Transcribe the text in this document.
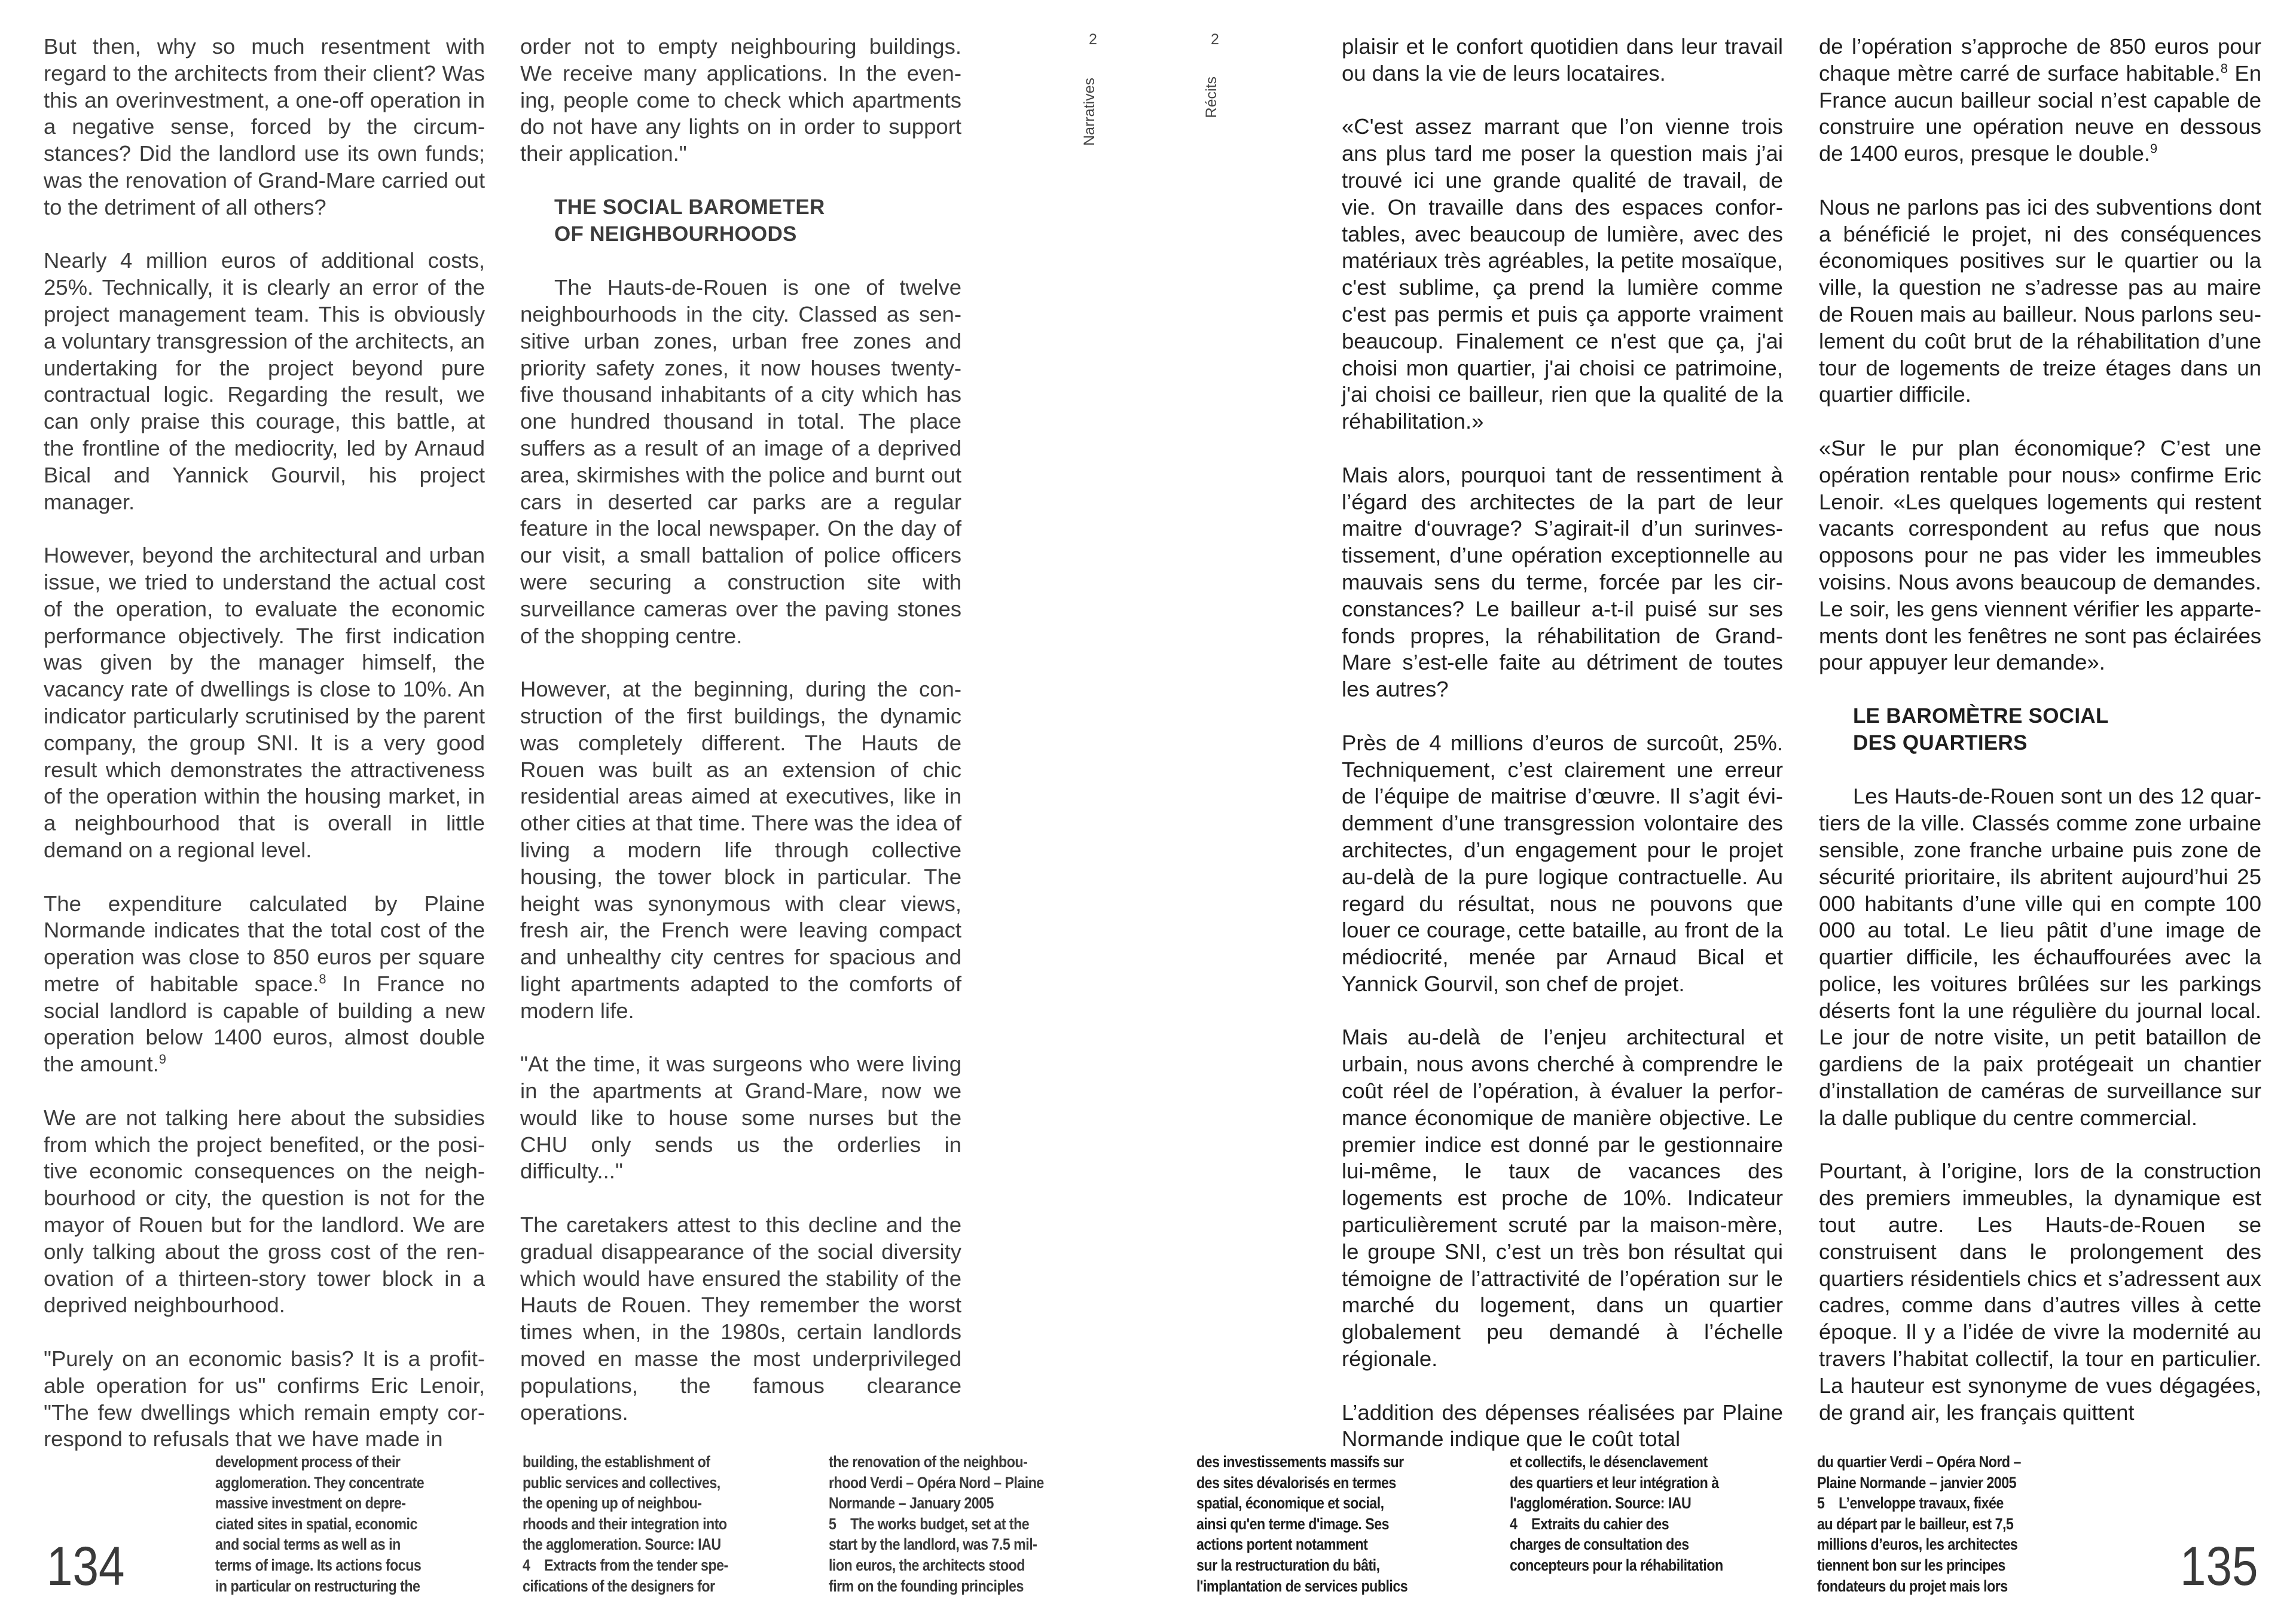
But then, why so much resentment with regard to the architects from their client? Was this an overinvestment, a one-off operation in a negative sense, forced by the circumstances? Did the landlord use its own funds; was the renovation of Grand-Mare carried out to the detriment of all others?

Nearly 4 million euros of additional costs, 25%. Technically, it is clearly an error of the project management team. This is obviously a voluntary transgression of the architects, an undertaking for the project beyond pure contractual logic. Regarding the result, we can only praise this courage, this battle, at the frontline of the mediocrity, led by Arnaud Bical and Yannick Gourvil, his project manager.

However, beyond the architectural and urban issue, we tried to understand the actual cost of the operation, to evaluate the economic performance objectively. The first indication was given by the manager himself, the vacancy rate of dwellings is close to 10%. An indicator particularly scrutinised by the parent company, the group SNI. It is a very good result which demonstrates the attractiveness of the operation within the housing market, in a neighbourhood that is overall in little demand on a regional level.

The expenditure calculated by Plaine Normande indicates that the total cost of the operation was close to 850 euros per square metre of habitable space.$^8$ In France no social landlord is capable of building a new operation below 1400 euros, almost double the amount.$^9$

We are not talking here about the subsidies from which the project benefited, or the positive economic consequences on the neighbourhood or city, the question is not for the mayor of Rouen but for the landlord. We are only talking about the gross cost of the renovation of a thirteen-story tower block in a deprived neighbourhood.

"Purely on an economic basis? It is a profitable operation for us" confirms Eric Lenoir, "The few dwellings which remain empty correspond to refusals that we have made in

order not to empty neighbouring buildings. We receive many applications. In the evening, people come to check which apartments do not have any lights on in order to support their application."

THE SOCIAL BAROMETER
OF NEIGHBOURHOODS

The Hauts-de-Rouen is one of twelve neighbourhoods in the city. Classed as sensitive urban zones, urban free zones and priority safety zones, it now houses twenty-five thousand inhabitants of a city which has one hundred thousand in total. The place suffers as a result of an image of a deprived area, skirmishes with the police and burnt out cars in deserted car parks are a regular feature in the local newspaper. On the day of our visit, a small battalion of police officers were securing a construction site with surveillance cameras over the paving stones of the shopping centre.

However, at the beginning, during the construction of the first buildings, the dynamic was completely different. The Hauts de Rouen was built as an extension of chic residential areas aimed at executives, like in other cities at that time. There was the idea of living a modern life through collective housing, the tower block in particular. The height was synonymous with clear views, fresh air, the French were leaving compact and unhealthy city centres for spacious and light apartments adapted to the comforts of modern life.

"At the time, it was surgeons who were living in the apartments at Grand-Mare, now we would like to house some nurses but the CHU only sends us the orderlies in difficulty..."

The caretakers attest to this decline and the gradual disappearance of the social diversity which would have ensured the stability of the Hauts de Rouen. They remember the worst times when, in the 1980s, certain landlords moved en masse the most underprivileged populations, the famous clearance operations.

2
Narratives
development process of their
agglomeration. They concentrate
massive investment on depre-
ciated sites in spatial, economic
and social terms as well as in
terms of image. Its actions focus
in particular on restructuring the
building, the establishment of
public services and collectives,
the opening up of neighbou-
rhoods and their integration into
the agglomeration. Source: IAU
4 Extracts from the tender spe-
cifications of the designers for
the renovation of the neighbou-
rhood Verdi – Opéra Nord – Plaine
Normande – January 2005
5 The works budget, set at the
start by the landlord, was 7.5 mil-
lion euros, the architects stood
firm on the founding principles
134
2
Récits

plaisir et le confort quotidien dans leur travail ou dans la vie de leurs locataires.

«C'est assez marrant que l’on vienne trois ans plus tard me poser la question mais j’ai trouvé ici une grande qualité de travail, de vie. On travaille dans des espaces confortables, avec beaucoup de lumière, avec des matériaux très agréables, la petite mosaïque, c'est sublime, ça prend la lumière comme c'est pas permis et puis ça apporte vraiment beaucoup. Finalement ce n'est que ça, j'ai choisi mon quartier, j'ai choisi ce patrimoine, j'ai choisi ce bailleur, rien que la qualité de la réhabilitation.»

Mais alors, pourquoi tant de ressentiment à l’égard des architectes de la part de leur maitre d‘ouvrage? S’agirait-il d’un surinvestissement, d’une opération exceptionnelle au mauvais sens du terme, forcée par les circonstances? Le bailleur a-t-il puisé sur ses fonds propres, la réhabilitation de Grand-Mare s’est-elle faite au détriment de toutes les autres?

Près de 4 millions d’euros de surcoût, 25%. Techniquement, c’est clairement une erreur de l’équipe de maitrise d’œuvre. Il s’agit évidemment d’une transgression volontaire des architectes, d’un engagement pour le projet au-delà de la pure logique contractuelle. Au regard du résultat, nous ne pouvons que louer ce courage, cette bataille, au front de la médiocrité, menée par Arnaud Bical et Yannick Gourvil, son chef de projet.

Mais au-delà de l’enjeu architectural et urbain, nous avons cherché à comprendre le coût réel de l’opération, à évaluer la performance économique de manière objective. Le premier indice est donné par le gestionnaire lui-même, le taux de vacances des logements est proche de 10%. Indicateur particulièrement scruté par la maison-mère, le groupe SNI, c’est un très bon résultat qui témoigne de l’attractivité de l’opération sur le marché du logement, dans un quartier globalement peu demandé à l’échelle régionale.

L’addition des dépenses réalisées par Plaine Normande indique que le coût total

de l’opération s’approche de 850 euros pour chaque mètre carré de surface habitable.$^8$ En France aucun bailleur social n’est capable de construire une opération neuve en dessous de 1400 euros, presque le double.$^9$

Nous ne parlons pas ici des subventions dont a bénéficié le projet, ni des conséquences économiques positives sur le quartier ou la ville, la question ne s’adresse pas au maire de Rouen mais au bailleur. Nous parlons seulement du coût brut de la réhabilitation d’une tour de logements de treize étages dans un quartier difficile.

«Sur le pur plan économique? C’est une opération rentable pour nous» confirme Eric Lenoir. «Les quelques logements qui restent vacants correspondent au refus que nous opposons pour ne pas vider les immeubles voisins. Nous avons beaucoup de demandes. Le soir, les gens viennent vérifier les appartements dont les fenêtres ne sont pas éclairées pour appuyer leur demande».

LE BAROMÈTRE SOCIAL
DES QUARTIERS

Les Hauts-de-Rouen sont un des 12 quartiers de la ville. Classés comme zone urbaine sensible, zone franche urbaine puis zone de sécurité prioritaire, ils abritent aujourd’hui 25 000 habitants d’une ville qui en compte 100 000 au total. Le lieu pâtit d’une image de quartier difficile, les échauffourées avec la police, les voitures brûlées sur les parkings déserts font la une régulière du journal local. Le jour de notre visite, un petit bataillon de gardiens de la paix protégeait un chantier d’installation de caméras de surveillance sur la dalle publique du centre commercial.

Pourtant, à l’origine, lors de la construction des premiers immeubles, la dynamique est tout autre. Les Hauts-de-Rouen se construisent dans le prolongement des quartiers résidentiels chics et s’adressent aux cadres, comme dans d’autres villes à cette époque. Il y a l’idée de vivre la modernité au travers l’habitat collectif, la tour en particulier. La hauteur est synonyme de vues dégagées, de grand air, les français quittent

des investissements massifs sur
des sites dévalorisés en termes
spatial, économique et social,
ainsi qu'en terme d'image. Ses
actions portent notamment
sur la restructuration du bâti,
l'implantation de services publics
et collectifs, le désenclavement
des quartiers et leur intégration à
l'agglomération. Source: IAU
4 Extraits du cahier des
charges de consultation des
concepteurs pour la réhabilitation
du quartier Verdi – Opéra Nord –
Plaine Normande – janvier 2005
5 L’enveloppe travaux, fixée
au départ par le bailleur, est 7,5
millions d’euros, les architectes
tiennent bon sur les principes
fondateurs du projet mais lors	135
